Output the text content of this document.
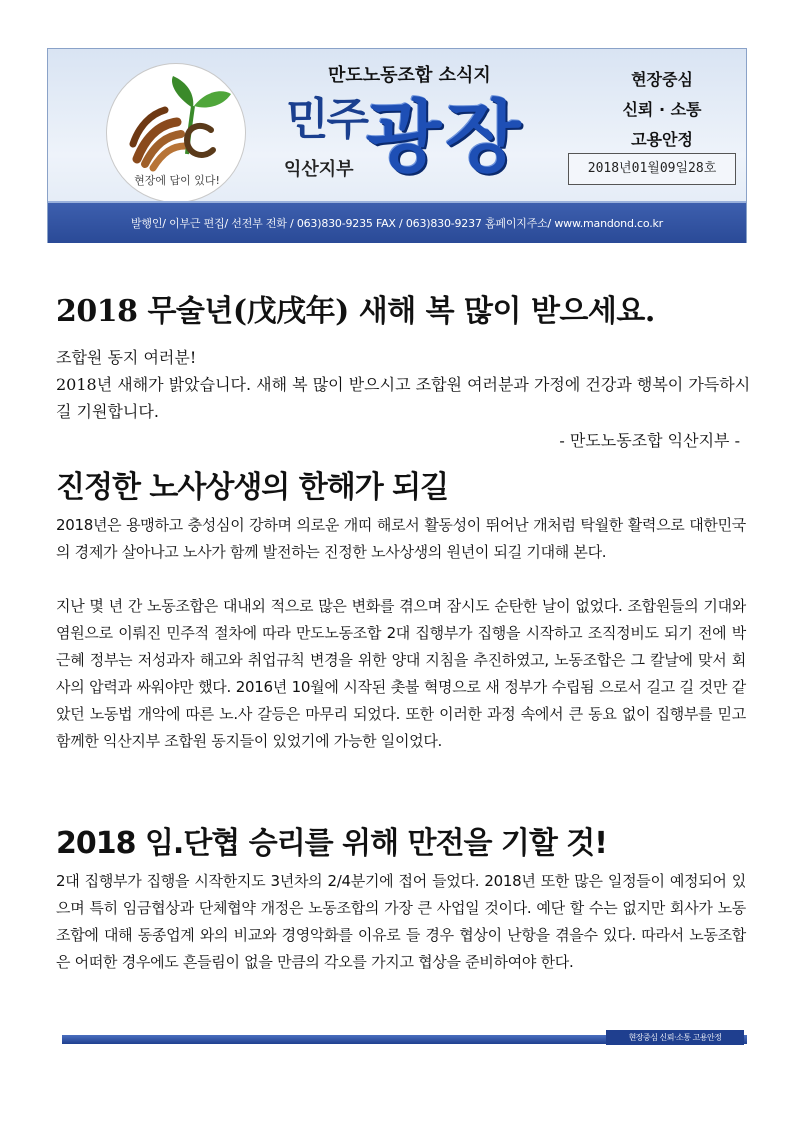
현장에 답이 있다!
만도노동조합 소식지
민주
광장
익산지부
현장중심
신뢰 · 소통
고용안정
2018년01월09일28호
발행인/ 이부근 편집/ 선전부 전화 / 063)830-9235 FAX / 063)830-9237 홈페이지주소/ www.mandond.co.kr
2018 무술년(戊戌年) 새해 복 많이 받으세요.

조합원 동지 여러분!

2018년 새해가 밝았습니다. 새해 복 많이 받으시고 조합원 여러분과 가정에 건강과 행복이 가득하시길 기원합니다.

- 만도노동조합 익산지부 -

진정한 노사상생의 한해가 되길

2018년은 용맹하고 충성심이 강하며 의로운 개띠 해로서 활동성이 뛰어난 개처럼 탁월한 활력으로 대한민국의 경제가 살아나고 노사가 함께 발전하는 진정한 노사상생의 원년이 되길 기대해 본다.

지난 몇 년 간 노동조합은 대내외 적으로 많은 변화를 겪으며 잠시도 순탄한 날이 없었다. 조합원들의 기대와 염원으로 이뤄진 민주적 절차에 따라 만도노동조합 2대 집행부가 집행을 시작하고 조직정비도 되기 전에 박근혜 정부는 저성과자 해고와 취업규칙 변경을 위한 양대 지침을 추진하였고, 노동조합은 그 칼날에 맞서 회사의 압력과 싸워야만 했다. 2016년 10월에 시작된 촛불 혁명으로 새 정부가 수립됨 으로서 길고 길 것만 같았던 노동법 개악에 따른 노.사 갈등은 마무리 되었다. 또한 이러한 과정 속에서 큰 동요 없이 집행부를 믿고 함께한 익산지부 조합원 동지들이 있었기에 가능한 일이었다.

2018 임.단협 승리를 위해 만전을 기할 것!

2대 집행부가 집행을 시작한지도 3년차의 2/4분기에 접어 들었다. 2018년 또한 많은 일정들이 예정되어 있으며 특히 임금협상과 단체협약 개정은 노동조합의 가장 큰 사업일 것이다. 예단 할 수는 없지만 회사가 노동조합에 대해 동종업계 와의 비교와 경영악화를 이유로 들 경우 협상이 난항을 겪을수 있다. 따라서 노동조합은 어떠한 경우에도 흔들림이 없을 만큼의 각오를 가지고 협상을 준비하여야 한다.

현장중심 신뢰·소통 고용안정
